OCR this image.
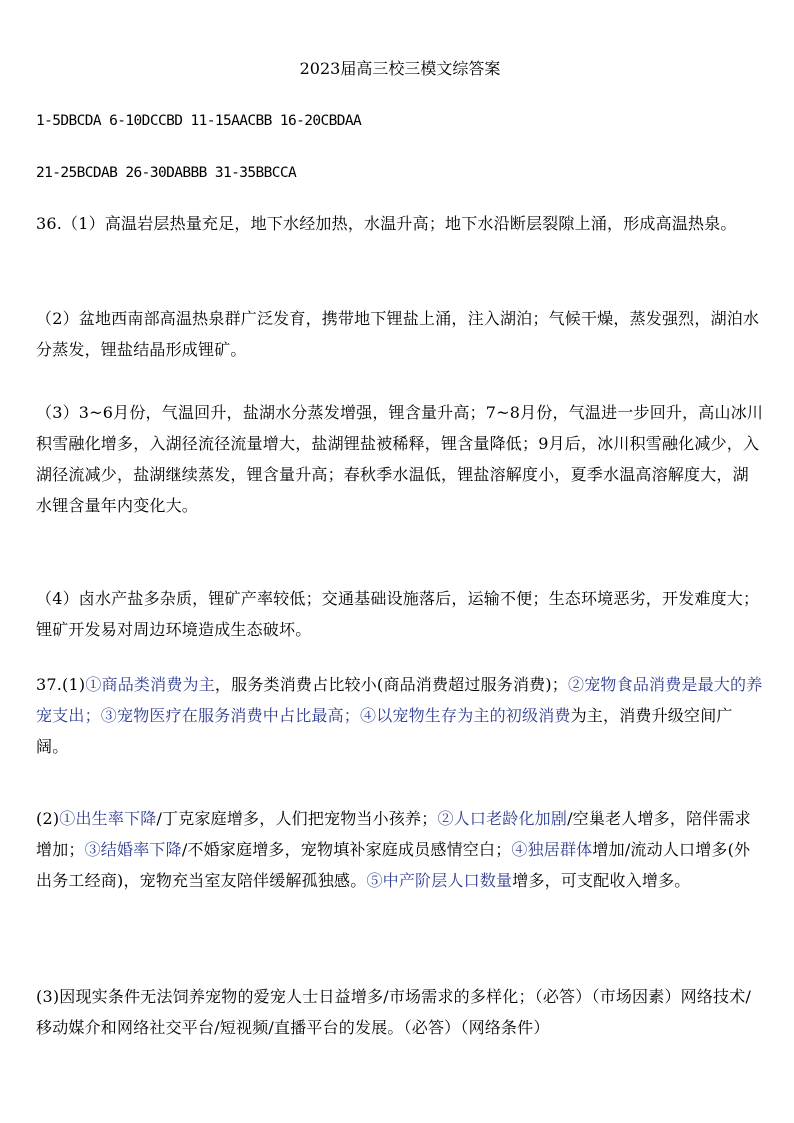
2023届高三校三模文综答案
1-5DBCDA 6-10DCCBD 11-15AACBB 16-20CBDAA
21-25BCDAB 26-30DABBB 31-35BBCCA
36.（1）高温岩层热量充足，地下水经加热，水温升高；地下水沿断层裂隙上涌，形成高温热泉。
（2）盆地西南部高温热泉群广泛发育，携带地下锂盐上涌，注入湖泊；气候干燥，蒸发强烈，湖泊水分蒸发，锂盐结晶形成锂矿。
（3）3~6月份，气温回升，盐湖水分蒸发增强，锂含量升高；7~8月份，气温进一步回升，高山冰川积雪融化增多，入湖径流径流量增大，盐湖锂盐被稀释，锂含量降低；9月后，冰川积雪融化减少，入湖径流减少，盐湖继续蒸发，锂含量升高；春秋季水温低，锂盐溶解度小，夏季水温高溶解度大，湖水锂含量年内变化大。
（4）卤水产盐多杂质，锂矿产率较低；交通基础设施落后，运输不便；生态环境恶劣，开发难度大；锂矿开发易对周边环境造成生态破坏。
37.(1)①商品类消费为主，服务类消费占比较小(商品消费超过服务消费)；②宠物食品消费是最大的养宠支出；③宠物医疗在服务消费中占比最高；④以宠物生存为主的初级消费为主，消费升级空间广阔。
(2)①出生率下降/丁克家庭增多，人们把宠物当小孩养；②人口老龄化加剧/空巢老人增多，陪伴需求增加；③结婚率下降/不婚家庭增多，宠物填补家庭成员感情空白；④独居群体增加/流动人口增多(外出务工经商)，宠物充当室友陪伴缓解孤独感。⑤中产阶层人口数量增多，可支配收入增多。
(3)因现实条件无法饲养宠物的爱宠人士日益增多/市场需求的多样化；（必答）（市场因素）网络技术/移动媒介和网络社交平台/短视频/直播平台的发展。（必答）（网络条件）
